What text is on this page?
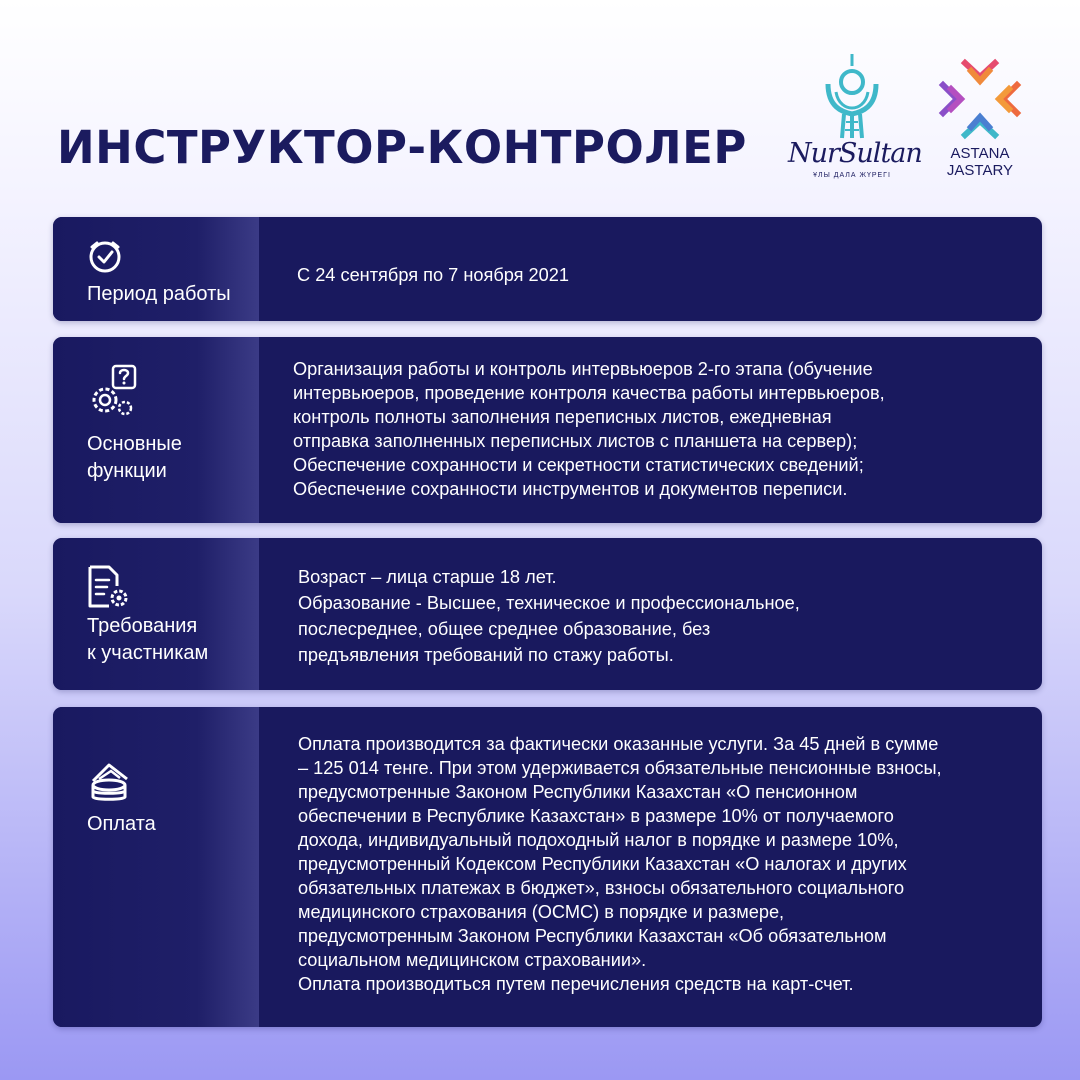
ИНСТРУКТОР-КОНТРОЛЕР NurSultan
ҰЛЫ ДАЛА ЖҮРЕГІ
ASTANA
JASTARY
Период работы

С 24 сентября по 7 ноября 2021

Основные
функции

Организация работы и контроль интервьюеров 2-го этапа (обучение
интервьюеров, проведение контроля качества работы интервьюеров,
контроль полноты заполнения переписных листов, ежедневная
отправка заполненных переписных листов с планшета на сервер);
Обеспечение сохранности и секретности статистических сведений;
Обеспечение сохранности инструментов и документов переписи.

Требования
к участникам

Возраст – лица старше 18 лет.
Образование - Высшее, техническое и профессиональное,
послесреднее, общее среднее образование, без
предъявления требований по стажу работы.

Оплата

Оплата производится за фактически оказанные услуги. За 45 дней в сумме
– 125 014 тенге. При этом удерживается обязательные пенсионные взносы,
предусмотренные Законом Республики Казахстан «О пенсионном
обеспечении в Республике Казахстан» в размере 10% от получаемого
дохода, индивидуальный подоходный налог в порядке и размере 10%,
предусмотренный Кодексом Республики Казахстан «О налогах и других
обязательных платежах в бюджет», взносы обязательного социального
медицинского страхования (ОСМС) в порядке и размере,
предусмотренным Законом Республики Казахстан «Об обязательном
социальном медицинском страховании».
Оплата производиться путем перечисления средств на карт-счет.
